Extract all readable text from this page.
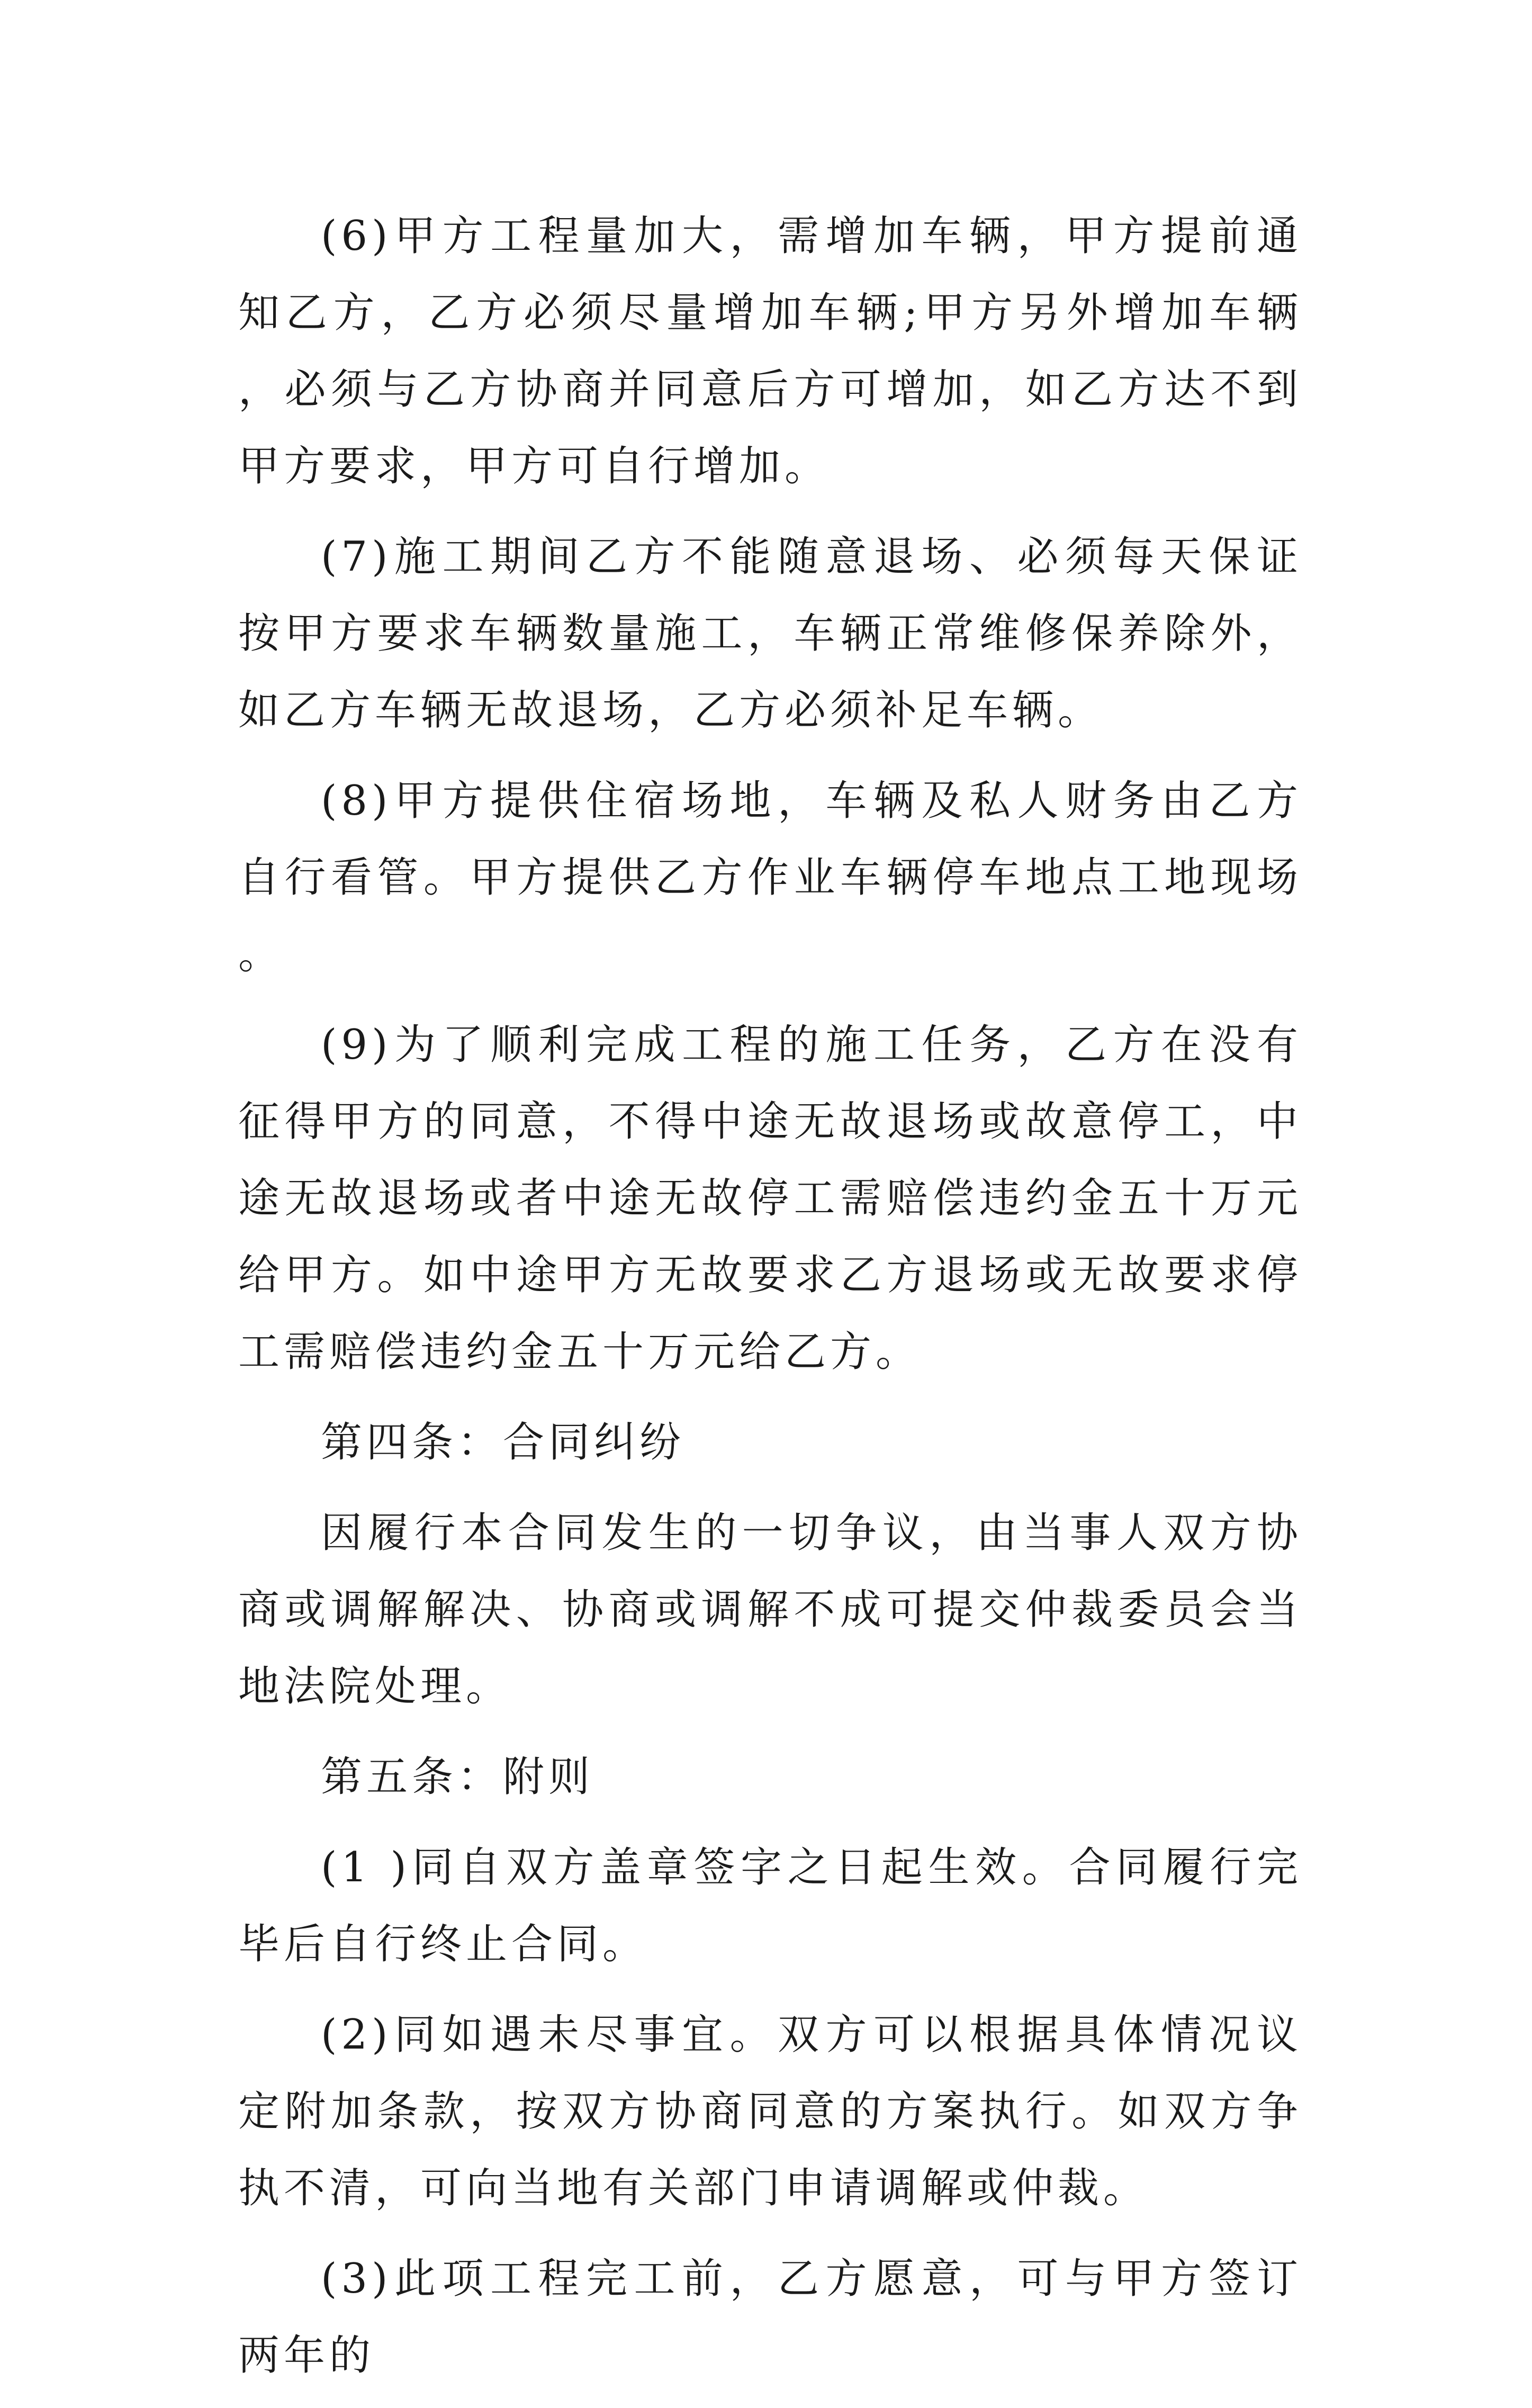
(6)甲方工程量加大，需增加车辆，甲方提前通知乙方，乙方必须尽量增加车辆;甲方另外增加车辆，必须与乙方协商并同意后方可增加，如乙方达不到甲方要求，甲方可自行增加。

(7)施工期间乙方不能随意退场、必须每天保证按甲方要求车辆数量施工，车辆正常维修保养除外，如乙方车辆无故退场，乙方必须补足车辆。

(8)甲方提供住宿场地，车辆及私人财务由乙方自行看管。甲方提供乙方作业车辆停车地点工地现场。

(9)为了顺利完成工程的施工任务，乙方在没有征得甲方的同意，不得中途无故退场或故意停工，中途无故退场或者中途无故停工需赔偿违约金五十万元给甲方。如中途甲方无故要求乙方退场或无故要求停工需赔偿违约金五十万元给乙方。

第四条：合同纠纷

因履行本合同发生的一切争议，由当事人双方协商或调解解决、协商或调解不成可提交仲裁委员会当地法院处理。

第五条：附则

(1 )同自双方盖章签字之日起生效。合同履行完毕后自行终止合同。

(2)同如遇未尽事宜。双方可以根据具体情况议定附加条款，按双方协商同意的方案执行。如双方争执不清，可向当地有关部门申请调解或仲裁。

(3)此项工程完工前，乙方愿意，可与甲方签订两年的
